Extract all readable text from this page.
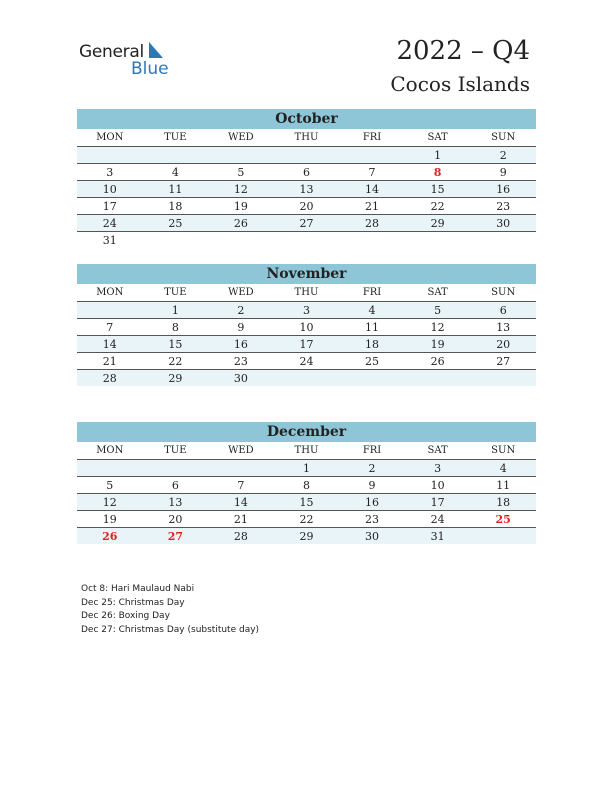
General
Blue
2022 – Q4
Cocos Islands
October
MON	TUE	WED	THU	FRI	SAT	SUN
					1	2
3	4	5	6	7	8	9
10	11	12	13	14	15	16
17	18	19	20	21	22	23
24	25	26	27	28	29	30
31						
November
MON	TUE	WED	THU	FRI	SAT	SUN
	1	2	3	4	5	6
7	8	9	10	11	12	13
14	15	16	17	18	19	20
21	22	23	24	25	26	27
28	29	30				
December
MON	TUE	WED	THU	FRI	SAT	SUN
			1	2	3	4
5	6	7	8	9	10	11
12	13	14	15	16	17	18
19	20	21	22	23	24	25
26	27	28	29	30	31	
Oct 8: Hari Maulaud Nabi
Dec 25: Christmas Day
Dec 26: Boxing Day
Dec 27: Christmas Day (substitute day)
